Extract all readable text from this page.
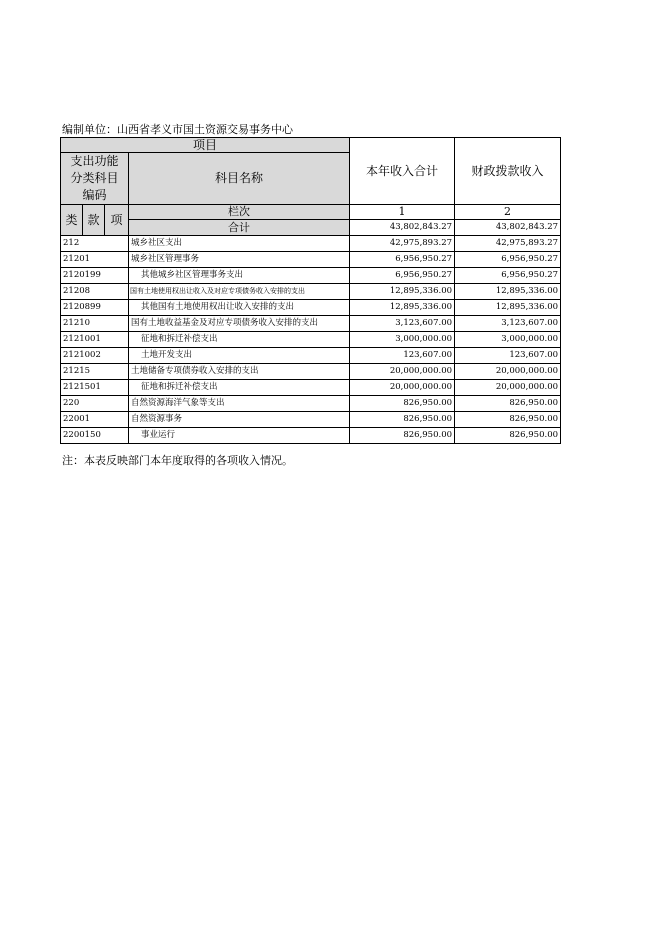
编制单位：山西省孝义市国土资源交易事务中心
项目				本年收入合计	财政拨款收入
支出功能分类科目编码			科目名称		
类	款	项	栏次	1	2
			合计	43,802,843.27	43,802,843.27
212			城乡社区支出	42,975,893.27	42,975,893.27
21201			城乡社区管理事务	6,956,950.27	6,956,950.27
2120199			其他城乡社区管理事务支出	6,956,950.27	6,956,950.27
21208			国有土地使用权出让收入及对应专项债务收入安排的支出	12,895,336.00	12,895,336.00
2120899			其他国有土地使用权出让收入安排的支出	12,895,336.00	12,895,336.00
21210			国有土地收益基金及对应专项债务收入安排的支出	3,123,607.00	3,123,607.00
2121001			征地和拆迁补偿支出	3,000,000.00	3,000,000.00
2121002			土地开发支出	123,607.00	123,607.00
21215			土地储备专项债券收入安排的支出	20,000,000.00	20,000,000.00
2121501			征地和拆迁补偿支出	20,000,000.00	20,000,000.00
220			自然资源海洋气象等支出	826,950.00	826,950.00
22001			自然资源事务	826,950.00	826,950.00
2200150			事业运行	826,950.00	826,950.00
注：本表反映部门本年度取得的各项收入情况。
